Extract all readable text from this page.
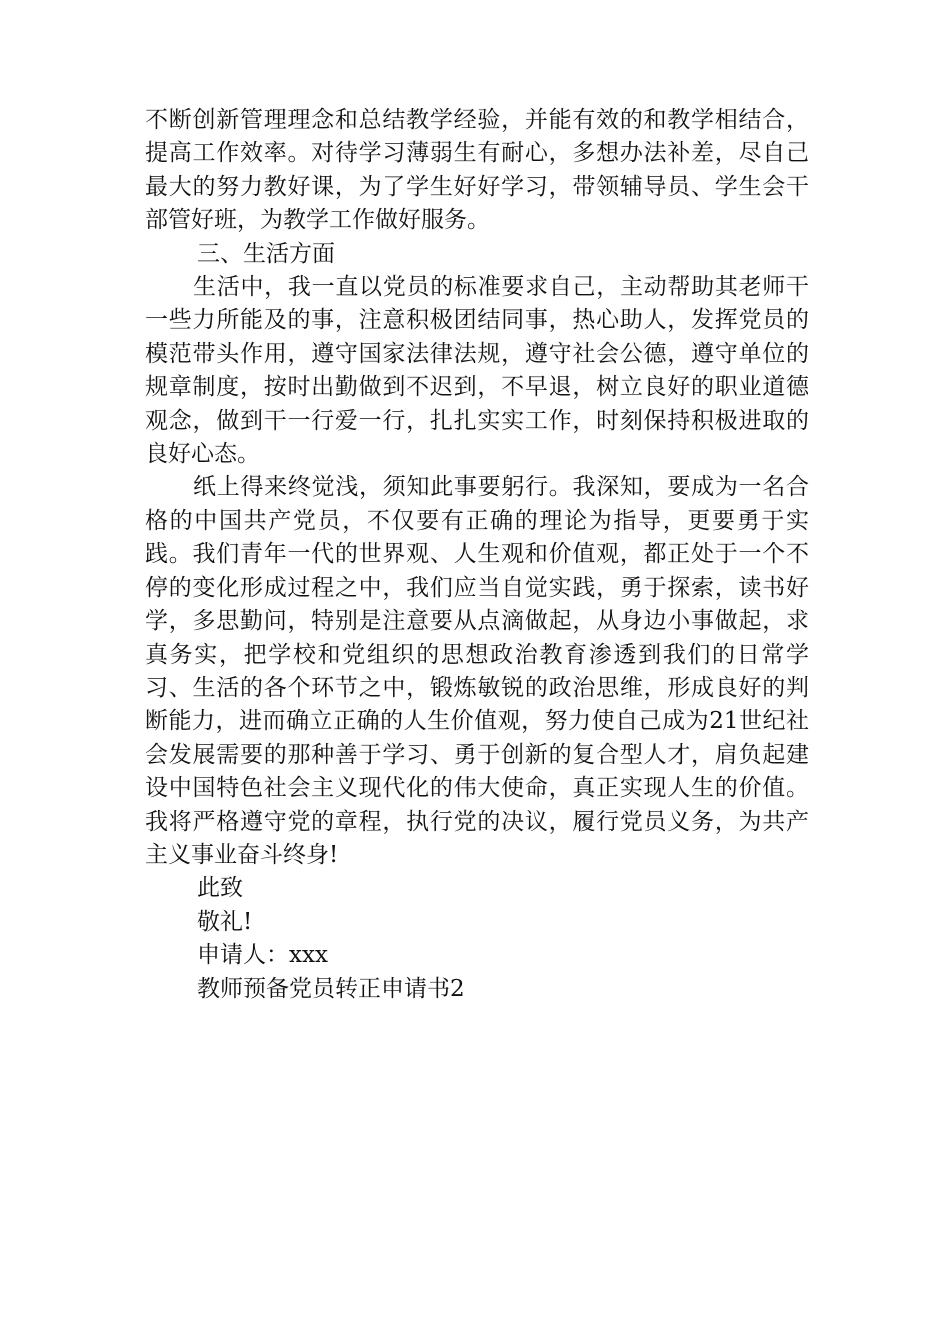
不断创新管理理念和总结教学经验，并能有效的和教学相结合，提高工作效率。对待学习薄弱生有耐心，多想办法补差，尽自己最大的努力教好课，为了学生好好学习，带领辅导员、学生会干部管好班，为教学工作做好服务。

三、生活方面

生活中，我一直以党员的标准要求自己，主动帮助其老师干一些力所能及的事，注意积极团结同事，热心助人，发挥党员的模范带头作用，遵守国家法律法规，遵守社会公德，遵守单位的规章制度，按时出勤做到不迟到，不早退，树立良好的职业道德观念，做到干一行爱一行，扎扎实实工作，时刻保持积极进取的良好心态。

纸上得来终觉浅，须知此事要躬行。我深知，要成为一名合格的中国共产党员，不仅要有正确的理论为指导，更要勇于实践。我们青年一代的世界观、人生观和价值观，都正处于一个不停的变化形成过程之中，我们应当自觉实践，勇于探索，读书好学，多思勤问，特别是注意要从点滴做起，从身边小事做起，求真务实，把学校和党组织的思想政治教育渗透到我们的日常学习、生活的各个环节之中，锻炼敏锐的政治思维，形成良好的判断能力，进而确立正确的人生价值观，努力使自己成为21世纪社会发展需要的那种善于学习、勇于创新的复合型人才，肩负起建设中国特色社会主义现代化的伟大使命，真正实现人生的价值。我将严格遵守党的章程，执行党的决议，履行党员义务，为共产主义事业奋斗终身!

此致

敬礼!

申请人：xxx

教师预备党员转正申请书2
